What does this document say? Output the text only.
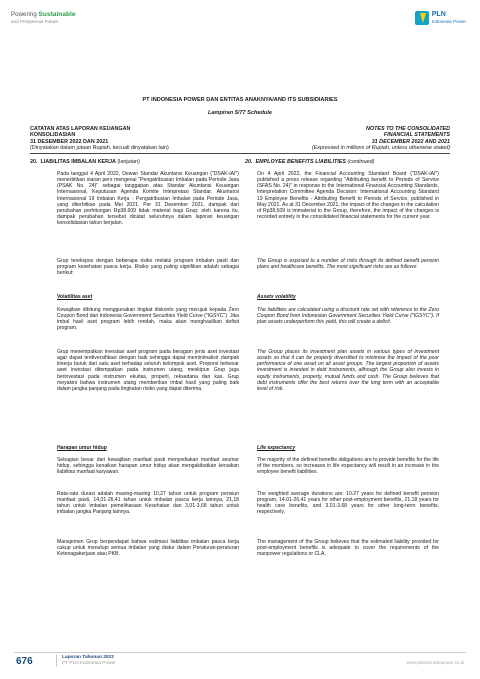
Powering Sustainable
and Prosperous Future
PLN
Indonesia Power
PT INDONESIA POWER DAN ENTITAS ANAKNYA/AND ITS SUBSIDIARIES
Lampiran 5/77 Schedule
CATATAN ATAS LAPORAN KEUANGAN
KONSOLIDASIAN
31 DESEMBER 2022 DAN 2021
(Dinyatakan dalam jutaan Rupiah, kecuali dinyatakan lain)
NOTES TO THE CONSOLIDATED
FINANCIAL STATEMENTS
31 DECEMBER 2022 AND 2021
(Expressed in millions of Rupiah, unless otherwise stated)
20. LIABILITAS IMBALAN KERJA (lanjutan)	20. EMPLOYEE BENEFITS LIABILITIES (continued)
Pada tanggal 4 April 2022, Dewan Standar Akuntansi Keuangan ("DSAK-IAI") menerbitkan siaran pers mengenai "Pengatribusian Imbalan pada Periode Jasa (PSAK No. 24)" sebagai tanggapan atas Standar Akuntansi Keuangan Internasional, Keputusan Agenda Komite Interpretasi Standar: Akuntansi Internasional 19 Imbalan Kerja - Pengatribusian Imbalan pada Periode Jasa, yang diterbitkan pada Mei 2021. Per 31 Desember 2021, dampak dari perubahan perhitungan Rp38.609 tidak material bagi Grup; oleh karena itu, dampak perubahan tersebut dicatat seluruhnya dalam laporan keuangan konsolidasian tahun berjalan.
Grup terekspos dengan beberapa risiko melalui program imbalan pasti dan program kesehatan pasca kerja. Risiko yang paling signifikan adalah sebagai berikut:
Volatilitas aset
Kewajiban dihitung menggunakan tingkat diskonto yang merujuk kepada Zero Coupon Bond dari Indonesia Government Securities Yield Curve ("IGSYC"). Jika imbal hasil aset program lebih rendah, maka akan menghasilkan defisit program.
Grup menempatkan investasi aset program pada beragam jenis aset investasi agar dapat terdiversifikasi dengan baik sehingga dapat meminimalisir dampak kinerja buruk dari satu aset terhadap seluruh kelompok aset. Proporsi terbesar aset investasi ditempatkan pada instrumen utang, meskipun Grup juga berinvestasi pada instrumen ekuitas, properti, reksadana dan kas. Grup meyakini bahwa instrumen utang memberikan imbal hasil yang paling baik dalam jangka panjang pada tingkatan risiko yang dapat diterima.
Harapan umur hidup
Sebagian besar dari kewajiban manfaat pasti menyediakan manfaat seumur hidup, sehingga kenaikan harapan umur hidup akan mengakibatkan kenaikan liabilitas manfaat karyawan.
Rata-rata durasi adalah masing-masing 10,27 tahun untuk program pensiun manfaat pasti, 14,01-26,41 tahun untuk imbalan pasca kerja lainnya, 21,18 tahun untuk imbalan pemeliharaan Kesehatan dan 3,01-3,68 tahun untuk imbalan jangka Panjang lainnya.
Manajemen Grup berpendapat bahwa estimasi liabilitas imbalan pasca kerja cukup untuk menutupi semua imbalan yang diatur dalam Peraturan-peraturan Ketenagakerjaan atau PKB.
On 4 April 2022, the Financial Accounting Standard Board ("DSAK-IAI") published a press release regarding "Attributing benefit to Periods of Service (SFAS No. 24)" in response to the International Financial Accounting Standards, Interpretation Committee Agenda Decision: International Accounting Standard 19 Employee Benefits - Attributing Benefit to Periods of Service, published in May 2021. As at 31 December 2021, the impact of the changes in the calculation of Rp38,609 is immaterial to the Group, therefore, the impact of the changes is recorded entirely in the consolidated financial statements for the current year.
The Group is exposed to a number of risks through its defined benefit pension plans and healthcare benefits. The most significant risks are as follows:
Assets volatility
The liabilities are calculated using a discount rate set with reference to the Zero Coupon Bond from Indonesian Government Securities Yield Curve ("IGSYC"). If plan assets underperform this yield, this will create a deficit.
The Group places its investment plan assets in various types of investment assets so that it can be properly diversified to minimise the impact of the poor performance of one asset on all asset groups. The largest proportion of assets investment is invested in debt instruments, although the Group also invests in equity instruments, property, mutual funds and cash. The Group believes that debt instruments offer the best returns over the long term with an acceptable level of risk.
Life expectancy
The majority of the defined benefits obligations are to provide benefits for the life of the members, so increases in life expectancy will result in an increase in the employee benefit liabilities.
The weighted average durations are: 10.27 years for defined benefit pension program, 14.01-26.41 years for other post-employment benefits, 21.18 years for health care benefits, and 3.01-3.68 years for other long-term benefits, respectively.
The management of the Group believes that the estimated liability provided for post-employment benefits is adequate to cover the requirements of the manpower regulations or CLA.
676	Laporan Tahunan 2022
PT PLN Indonesia Power	www.plnindonesiapower.co.id
